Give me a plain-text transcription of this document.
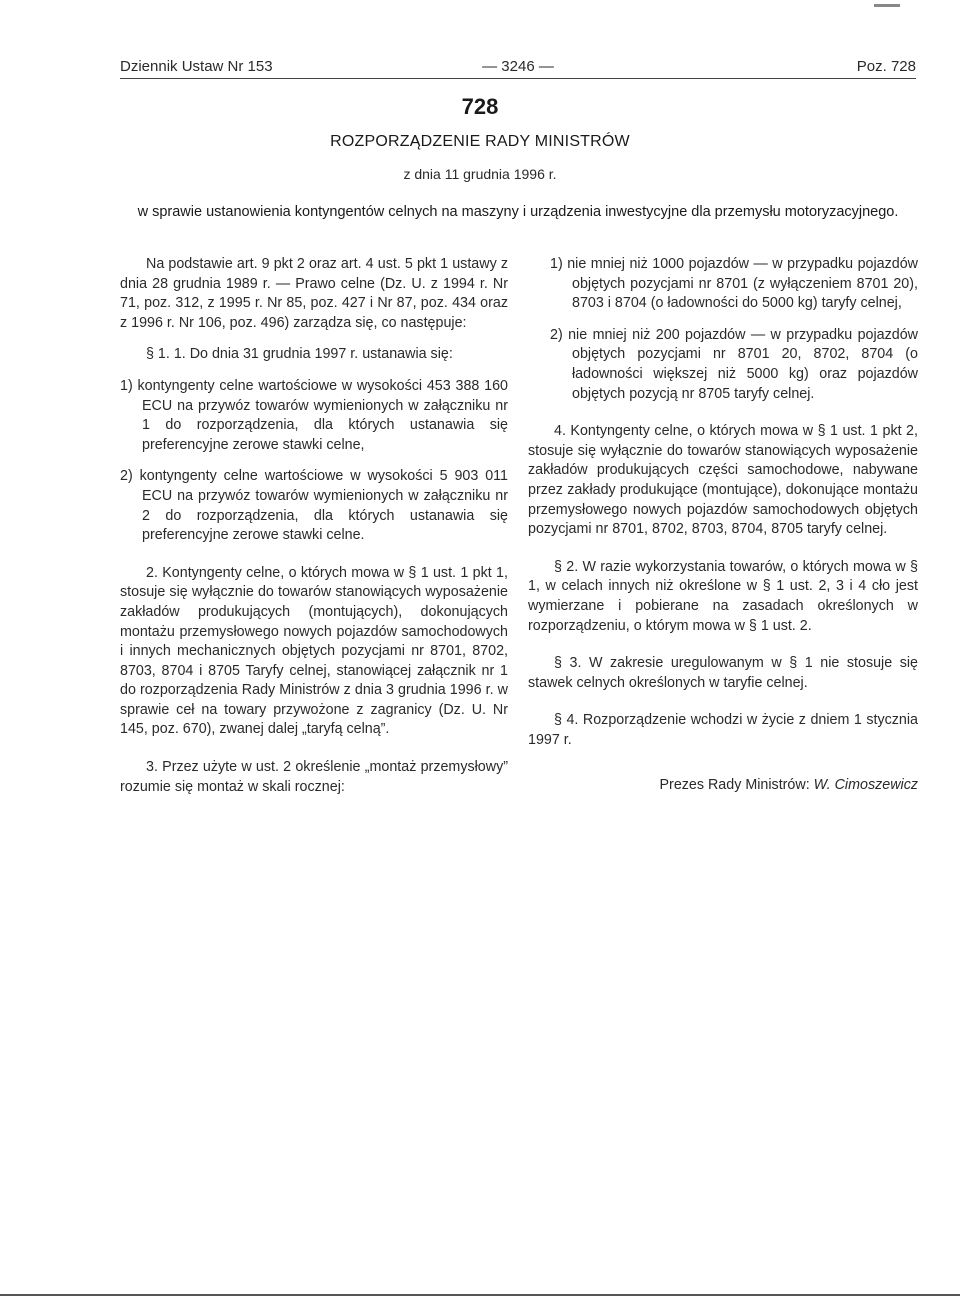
Dziennik Ustaw Nr 153	— 3246 —	Poz. 728
728
ROZPORZĄDZENIE RADY MINISTRÓW
z dnia 11 grudnia 1996 r.
w sprawie ustanowienia kontyngentów celnych na maszyny i urządzenia inwestycyjne dla przemysłu motoryzacyjnego.

Na podstawie art. 9 pkt 2 oraz art. 4 ust. 5 pkt 1 ustawy z dnia 28 grudnia 1989 r. — Prawo celne (Dz. U. z 1994 r. Nr 71, poz. 312, z 1995 r. Nr 85, poz. 427 i Nr 87, poz. 434 oraz z 1996 r. Nr 106, poz. 496) zarządza się, co następuje:

§ 1. 1. Do dnia 31 grudnia 1997 r. ustanawia się:

1) kontyngenty celne wartościowe w wysokości 453 388 160 ECU na przywóz towarów wymienionych w załączniku nr 1 do rozporządzenia, dla których ustanawia się preferencyjne zerowe stawki celne,

2) kontyngenty celne wartościowe w wysokości 5 903 011 ECU na przywóz towarów wymienionych w załączniku nr 2 do rozporządzenia, dla których ustanawia się preferencyjne zerowe stawki celne.

2. Kontyngenty celne, o których mowa w § 1 ust. 1 pkt 1, stosuje się wyłącznie do towarów stanowiących wyposażenie zakładów produkujących (montujących), dokonujących montażu przemysłowego nowych pojazdów samochodowych i innych mechanicznych objętych pozycjami nr 8701, 8702, 8703, 8704 i 8705 Taryfy celnej, stanowiącej załącznik nr 1 do rozporządzenia Rady Ministrów z dnia 3 grudnia 1996 r. w sprawie ceł na towary przywożone z zagranicy (Dz. U. Nr 145, poz. 670), zwanej dalej „taryfą celną”.

3. Przez użyte w ust. 2 określenie „montaż przemysłowy” rozumie się montaż w skali rocznej:

1) nie mniej niż 1000 pojazdów — w przypadku pojazdów objętych pozycjami nr 8701 (z wyłączeniem 8701 20), 8703 i 8704 (o ładowności do 5000 kg) taryfy celnej,

2) nie mniej niż 200 pojazdów — w przypadku pojazdów objętych pozycjami nr 8701 20, 8702, 8704 (o ładowności większej niż 5000 kg) oraz pojazdów objętych pozycją nr 8705 taryfy celnej.

4. Kontyngenty celne, o których mowa w § 1 ust. 1 pkt 2, stosuje się wyłącznie do towarów stanowiących wyposażenie zakładów produkujących części samochodowe, nabywane przez zakłady produkujące (montujące), dokonujące montażu przemysłowego nowych pojazdów samochodowych objętych pozycjami nr 8701, 8702, 8703, 8704, 8705 taryfy celnej.

§ 2. W razie wykorzystania towarów, o których mowa w § 1, w celach innych niż określone w § 1 ust. 2, 3 i 4 cło jest wymierzane i pobierane na zasadach określonych w rozporządzeniu, o którym mowa w § 1 ust. 2.

§ 3. W zakresie uregulowanym w § 1 nie stosuje się stawek celnych określonych w taryfie celnej.

§ 4. Rozporządzenie wchodzi w życie z dniem 1 stycznia 1997 r.

Prezes Rady Ministrów: W. Cimoszewicz
